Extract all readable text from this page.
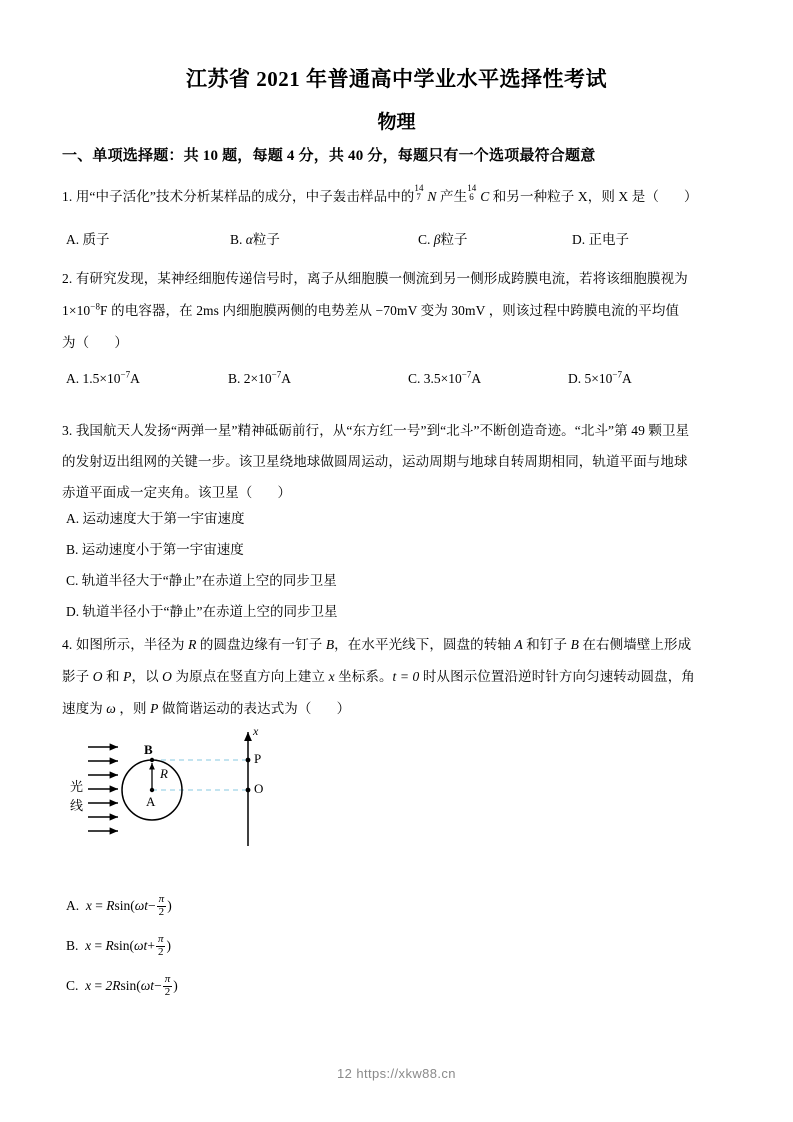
江苏省 2021 年普通高中学业水平选择性考试
物理
一、单项选择题：共 10 题，每题 4 分，共 40 分，每题只有一个选项最符合题意
1. 用“中子活化”技术分析某样品的成分，中子轰击样品中的
14
7 N 产生
14
6 C 和另一种粒子 X，则 X 是（ ）
A. 质子	B. α粒子	C. β粒子	D. 正电子
2. 有研究发现，某神经细胞传递信号时，离子从细胞膜一侧流到另一侧形成跨膜电流，若将该细胞膜视为
$1\times 10^{-8}F$ 的电容器，在 2ms 内细胞膜两侧的电势差从 −70mV 变为 30mV ，则该过程中跨膜电流的平均值
为（ ）
A. $1.5\times 10^{-7}A$	B. $2\times 10^{-7}A$	C. $3.5\times 10^{-7}A$	D. $5\times 10^{-7}A$
3. 我国航天人发扬“两弹一星”精神砥砺前行，从“东方红一号”到“北斗”不断创造奇迹。“北斗”第 49 颗卫星
的发射迈出组网的关键一步。该卫星绕地球做圆周运动，运动周期与地球自转周期相同，轨道平面与地球
赤道平面成一定夹角。该卫星（ ）
A. 运动速度大于第一宇宙速度
B. 运动速度小于第一宇宙速度
C. 轨道半径大于“静止”在赤道上空的同步卫星
D. 轨道半径小于“静止”在赤道上空的同步卫星
4. 如图所示，半径为 R 的圆盘边缘有一钉子 B，在水平光线下，圆盘的转轴 A 和钉子 B 在右侧墙壁上形成
影子 O 和 P，以 O 为原点在竖直方向上建立 x 坐标系。t = 0 时从图示位置沿逆时针方向匀速转动圆盘，角
速度为 ω ，则 P 做简谐运动的表达式为（ ）
光
线
B
A
R
P
O
x
A. $x = Rsin(\omega t- \frac{\pi}{2}$ )
B. $x = Rsin(\omega t+ \frac{\pi}{2}$ )
C. $x = 2Rsin(\omega t- \frac{\pi}{2}$ )
12 https://xkw88.cn
